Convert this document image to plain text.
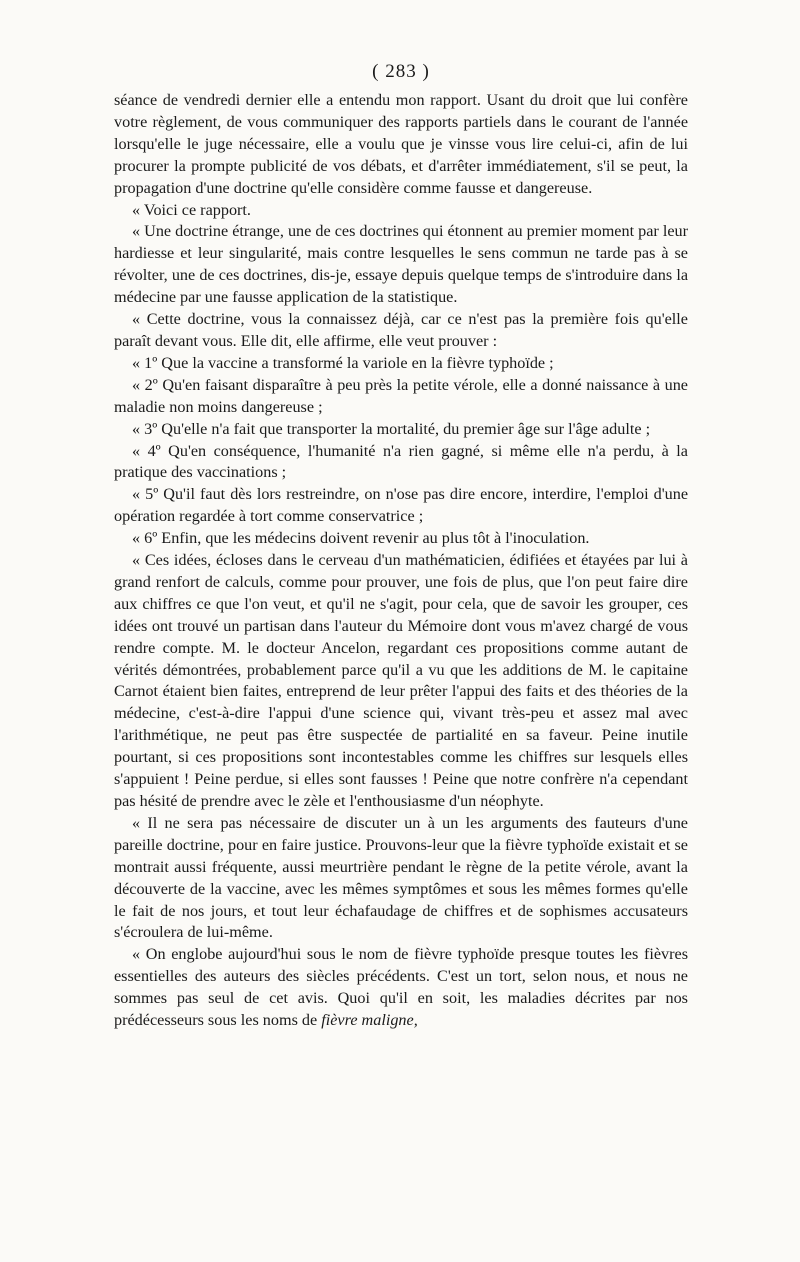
( 283 )

séance de vendredi dernier elle a entendu mon rapport. Usant du droit que lui confère votre règlement, de vous communiquer des rapports partiels dans le courant de l'année lorsqu'elle le juge nécessaire, elle a voulu que je vinsse vous lire celui-ci, afin de lui procurer la prompte publicité de vos débats, et d'arrêter immédiatement, s'il se peut, la propagation d'une doctrine qu'elle considère comme fausse et dangereuse.

« Voici ce rapport.

« Une doctrine étrange, une de ces doctrines qui étonnent au premier moment par leur hardiesse et leur singularité, mais contre lesquelles le sens commun ne tarde pas à se révolter, une de ces doctrines, dis-je, essaye depuis quelque temps de s'introduire dans la médecine par une fausse application de la statistique.

« Cette doctrine, vous la connaissez déjà, car ce n'est pas la première fois qu'elle paraît devant vous. Elle dit, elle affirme, elle veut prouver :

« 1º Que la vaccine a transformé la variole en la fièvre typhoïde ;

« 2º Qu'en faisant disparaître à peu près la petite vérole, elle a donné naissance à une maladie non moins dangereuse ;

« 3º Qu'elle n'a fait que transporter la mortalité, du premier âge sur l'âge adulte ;

« 4º Qu'en conséquence, l'humanité n'a rien gagné, si même elle n'a perdu, à la pratique des vaccinations ;

« 5º Qu'il faut dès lors restreindre, on n'ose pas dire encore, interdire, l'emploi d'une opération regardée à tort comme conservatrice ;

« 6º Enfin, que les médecins doivent revenir au plus tôt à l'inoculation.

« Ces idées, écloses dans le cerveau d'un mathématicien, édifiées et étayées par lui à grand renfort de calculs, comme pour prouver, une fois de plus, que l'on peut faire dire aux chiffres ce que l'on veut, et qu'il ne s'agit, pour cela, que de savoir les grouper, ces idées ont trouvé un partisan dans l'auteur du Mémoire dont vous m'avez chargé de vous rendre compte. M. le docteur Ancelon, regardant ces propositions comme autant de vérités démontrées, probablement parce qu'il a vu que les additions de M. le capitaine Carnot étaient bien faites, entreprend de leur prêter l'appui des faits et des théories de la médecine, c'est-à-dire l'appui d'une science qui, vivant très-peu et assez mal avec l'arithmétique, ne peut pas être suspectée de partialité en sa faveur. Peine inutile pourtant, si ces propositions sont incontestables comme les chiffres sur lesquels elles s'appuient ! Peine perdue, si elles sont fausses ! Peine que notre confrère n'a cependant pas hésité de prendre avec le zèle et l'enthousiasme d'un néophyte.

« Il ne sera pas nécessaire de discuter un à un les arguments des fauteurs d'une pareille doctrine, pour en faire justice. Prouvons-leur que la fièvre typhoïde existait et se montrait aussi fréquente, aussi meurtrière pendant le règne de la petite vérole, avant la découverte de la vaccine, avec les mêmes symptômes et sous les mêmes formes qu'elle le fait de nos jours, et tout leur échafaudage de chiffres et de sophismes accusateurs s'écroulera de lui-même.

« On englobe aujourd'hui sous le nom de fièvre typhoïde presque toutes les fièvres essentielles des auteurs des siècles précédents. C'est un tort, selon nous, et nous ne sommes pas seul de cet avis. Quoi qu'il en soit, les maladies décrites par nos prédécesseurs sous les noms de fièvre maligne,
